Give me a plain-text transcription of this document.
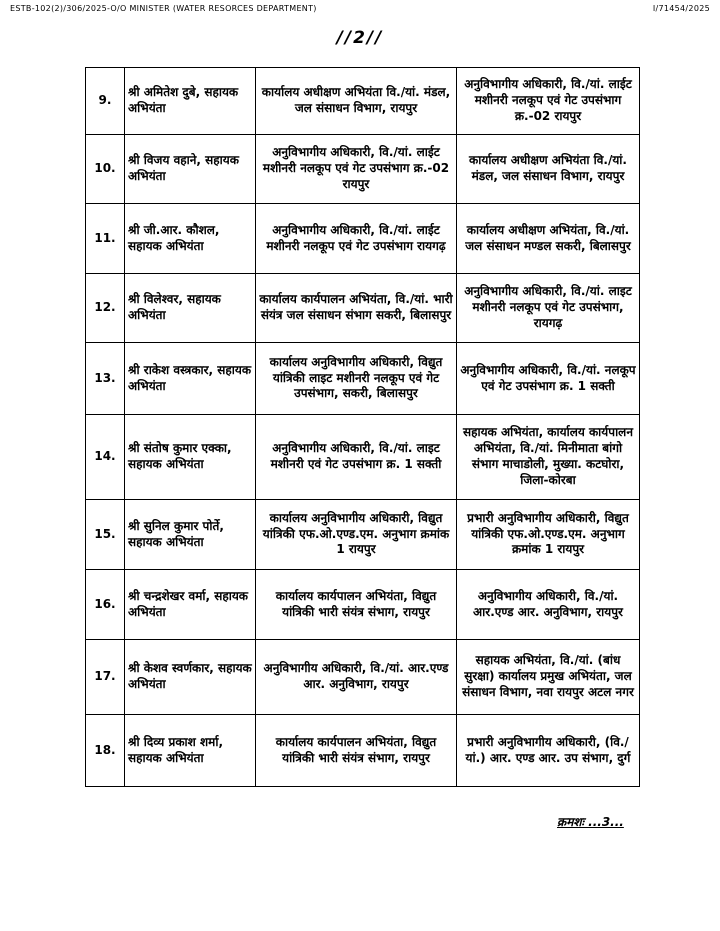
ESTB-102(2)/306/2025-O/O MINISTER (WATER RESORCES DEPARTMENT)	I/71454/2025
//2//
9.	श्री अमितेश दुबे, सहायक अभियंता	कार्यालय अधीक्षण अभियंता वि./यां. मंडल, जल संसाधन विभाग, रायपुर	अनुविभागीय अधिकारी, वि./यां. लाईट मशीनरी नलकूप एवं गेट उपसंभाग क्र.-02 रायपुर
10.	श्री विजय वहाने, सहायक अभियंता	अनुविभागीय अधिकारी, वि./यां. लाईट मशीनरी नलकूप एवं गेट उपसंभाग क्र.-02 रायपुर	कार्यालय अधीक्षण अभियंता वि./यां. मंडल, जल संसाधन विभाग, रायपुर
11.	श्री जी.आर. कौशल, सहायक अभियंता	अनुविभागीय अधिकारी, वि./यां. लाईट मशीनरी नलकूप एवं गेट उपसंभाग रायगढ़	कार्यालय अधीक्षण अभियंता, वि./यां. जल संसाधन मण्डल सकरी, बिलासपुर
12.	श्री विलेश्वर, सहायक अभियंता	कार्यालय कार्यपालन अभियंता, वि./यां. भारी संयंत्र जल संसाधन संभाग सकरी, बिलासपुर	अनुविभागीय अधिकारी, वि./यां. लाइट मशीनरी नलकूप एवं गेट उपसंभाग, रायगढ़
13.	श्री राकेश वस्त्रकार, सहायक अभियंता	कार्यालय अनुविभागीय अधिकारी, विद्युत यांत्रिकी लाइट मशीनरी नलकूप एवं गेट उपसंभाग, सकरी, बिलासपुर	अनुविभागीय अधिकारी, वि./यां. नलकूप एवं गेट उपसंभाग क्र. 1 सक्ती
14.	श्री संतोष कुमार एक्का, सहायक अभियंता	अनुविभागीय अधिकारी, वि./यां. लाइट मशीनरी एवं गेट उपसंभाग क्र. 1 सक्ती	सहायक अभियंता, कार्यालय कार्यपालन अभियंता, वि./यां. मिनीमाता बांगो संभाग माचाडोली, मुख्या. कटघोरा, जिला-कोरबा
15.	श्री सुनिल कुमार पोर्ते, सहायक अभियंता	कार्यालय अनुविभागीय अधिकारी, विद्युत यांत्रिकी एफ.ओ.एण्ड.एम. अनुभाग क्रमांक 1 रायपुर	प्रभारी अनुविभागीय अधिकारी, विद्युत यांत्रिकी एफ.ओ.एण्ड.एम. अनुभाग क्रमांक 1 रायपुर
16.	श्री चन्द्रशेखर वर्मा, सहायक अभियंता	कार्यालय कार्यपालन अभियंता, विद्युत यांत्रिकी भारी संयंत्र संभाग, रायपुर	अनुविभागीय अधिकारी, वि./यां. आर.एण्ड आर. अनुविभाग, रायपुर
17.	श्री केशव स्वर्णकार, सहायक अभियंता	अनुविभागीय अधिकारी, वि./यां. आर.एण्ड आर. अनुविभाग, रायपुर	सहायक अभियंता, वि./यां. (बांध सुरक्षा) कार्यालय प्रमुख अभियंता, जल संसाधन विभाग, नवा रायपुर अटल नगर
18.	श्री दिव्य प्रकाश शर्मा, सहायक अभियंता	कार्यालय कार्यपालन अभियंता, विद्युत यांत्रिकी भारी संयंत्र संभाग, रायपुर	प्रभारी अनुविभागीय अधिकारी, (वि./यां.) आर. एण्ड आर. उप संभाग, दुर्ग
क्रमशः ...3...
